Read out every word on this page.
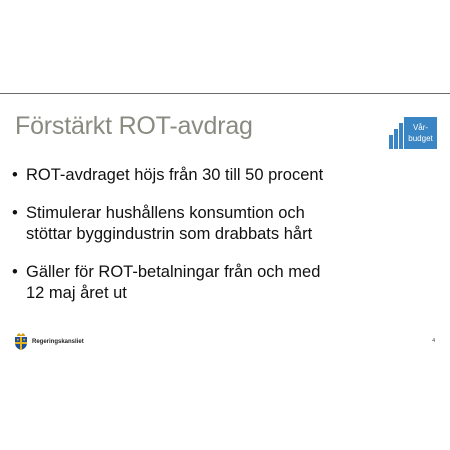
Förstärkt ROT-avdrag	Vår-
budget
• ROT-avdraget höjs från 30 till 50 procent
• Stimulerar hushållens konsumtion och
stöttar byggindustrin som drabbats hårt
• Gäller för ROT-betalningar från och med
12 maj året ut
Regeringskansliet	4
